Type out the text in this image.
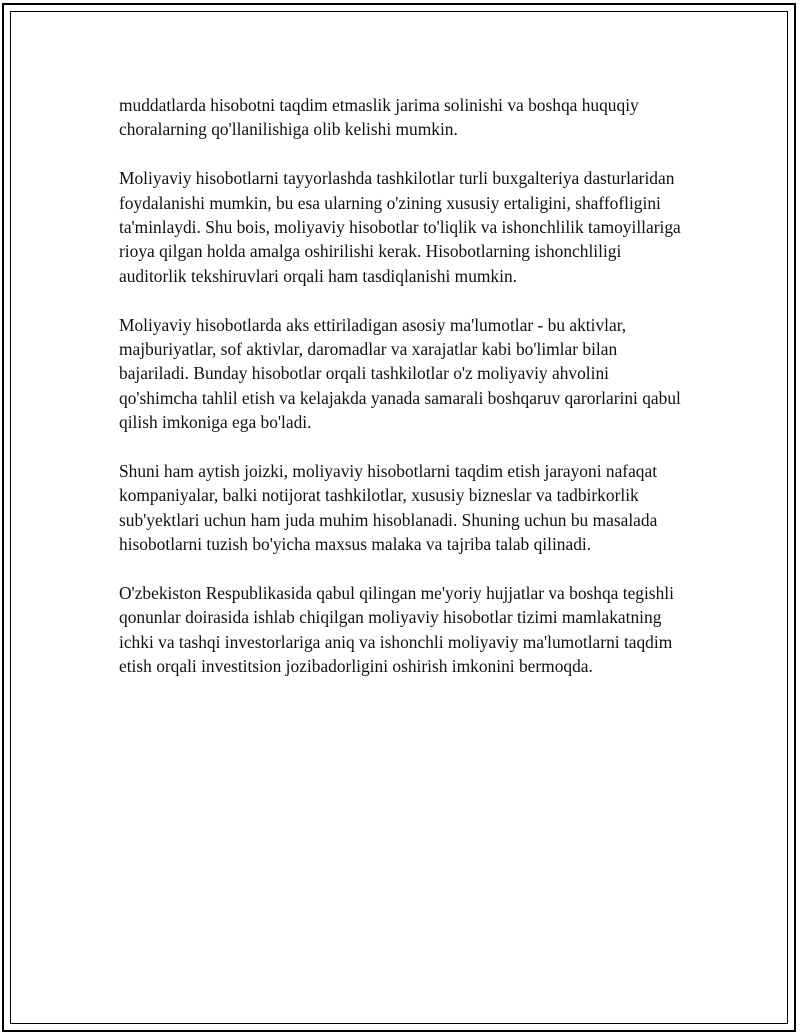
muddatlarda hisobotni taqdim etmaslik jarima solinishi va boshqa huquqiy choralarning qo'llanilishiga olib kelishi mumkin.

Moliyaviy hisobotlarni tayyorlashda tashkilotlar turli buxgalteriya dasturlaridan foydalanishi mumkin, bu esa ularning o'zining xususiy ertaligini, shaffofligini ta'minlaydi. Shu bois, moliyaviy hisobotlar to'liqlik va ishonchlilik tamoyillariga rioya qilgan holda amalga oshirilishi kerak. Hisobotlarning ishonchliligi auditorlik tekshiruvlari orqali ham tasdiqlanishi mumkin.

Moliyaviy hisobotlarda aks ettiriladigan asosiy ma'lumotlar - bu aktivlar, majburiyatlar, sof aktivlar, daromadlar va xarajatlar kabi bo'limlar bilan bajariladi. Bunday hisobotlar orqali tashkilotlar o'z moliyaviy ahvolini qo'shimcha tahlil etish va kelajakda yanada samarali boshqaruv qarorlarini qabul qilish imkoniga ega bo'ladi.

Shuni ham aytish joizki, moliyaviy hisobotlarni taqdim etish jarayoni nafaqat kompaniyalar, balki notijorat tashkilotlar, xususiy bizneslar va tadbirkorlik sub'yektlari uchun ham juda muhim hisoblanadi. Shuning uchun bu masalada hisobotlarni tuzish bo'yicha maxsus malaka va tajriba talab qilinadi.

O'zbekiston Respublikasida qabul qilingan me'yoriy hujjatlar va boshqa tegishli qonunlar doirasida ishlab chiqilgan moliyaviy hisobotlar tizimi mamlakatning ichki va tashqi investorlariga aniq va ishonchli moliyaviy ma'lumotlarni taqdim etish orqali investitsion jozibadorligini oshirish imkonini bermoqda.
